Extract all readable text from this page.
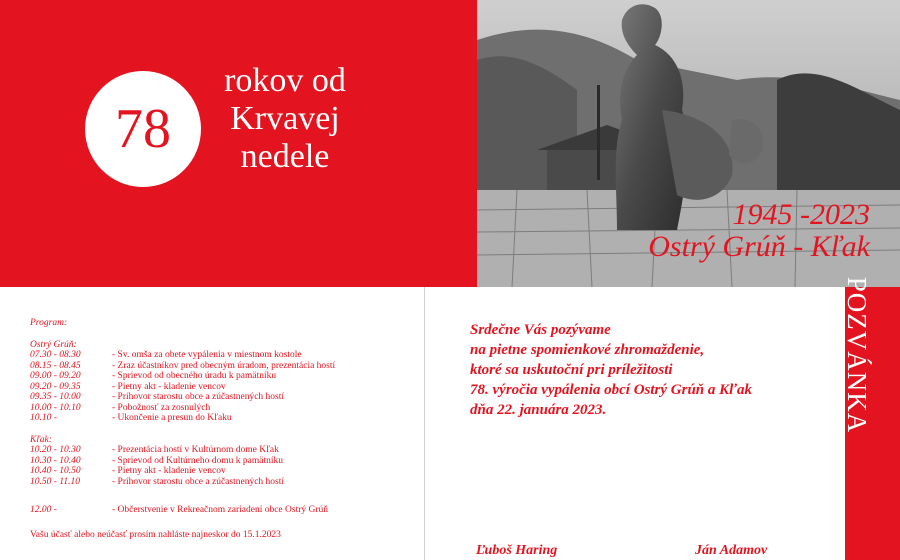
78
rokov od
Krvavej
nedele
1945 -2023
Ostrý Grúň - Kľak
Program:
Ostrý Grúň:
07.30 - 08.30	- Sv. omša za obete vypálenia v miestnom kostole
08.15 - 08.45	- Zraz účastníkov pred obecným úradom, prezentácia hostí
09.00 - 09.20	- Sprievod od obecného úradu k pamätníku
09.20 - 09.35	- Pietny akt - kladenie vencov
09.35 - 10.00	- Príhovor starostu obce a zúčastnených hostí
10.00 - 10.10	- Pobožnosť za zosnulých
10.10 -	- Ukončenie a presun do Kľaku
Kľak:
10.20 - 10.30	- Prezentácia hostí v Kultúrnom dome Kľak
10.30 - 10.40	- Sprievod od Kultúrneho domu k pamätníku
10.40 - 10.50	- Pietny akt - kladenie vencov
10.50 - 11.10	- Príhovor starostu obce a zúčastnených hostí
12.00 -	- Občerstvenie v Rekreačnom zariadení obce Ostrý Grúň
Vašu účasť alebo neúčasť prosím nahláste najneskor do 15.1.2023
Srdečne Vás pozývame
na pietne spomienkové zhromaždenie,
ktoré sa uskutoční pri príležitosti
78. výročia vypálenia obcí Ostrý Grúň a Kľak
dňa 22. januára 2023.
Ľuboš Haring	Ján Adamov
POZVÁNKA
